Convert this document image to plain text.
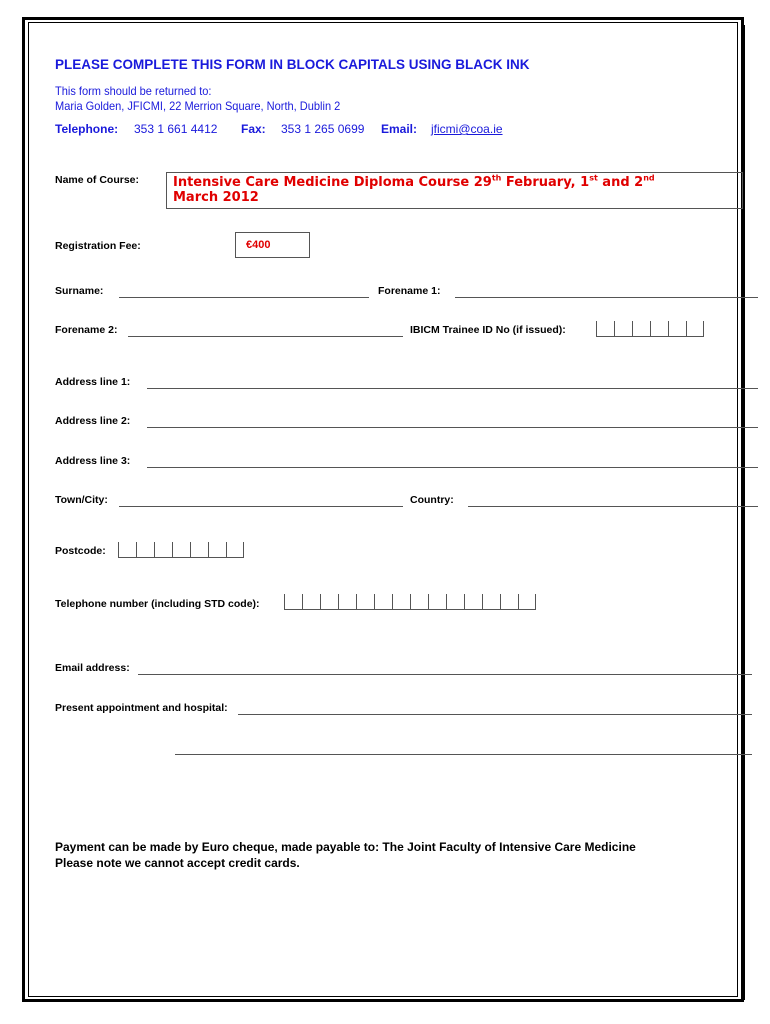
PLEASE COMPLETE THIS FORM IN BLOCK CAPITALS USING BLACK INK
This form should be returned to:
Maria Golden, JFICMI, 22 Merrion Square, North, Dublin 2
Telephone: 353 1 661 4412 Fax: 353 1 265 0699 Email: jficmi@coa.ie
Name of Course:	Intensive Care Medicine Diploma Course 29th February, 1st and 2nd
March 2012
Registration Fee:	€400
Surname:	Forename 1:
Forename 2:	IBICM Trainee ID No (if issued):
Address line 1:
Address line 2:
Address line 3:
Town/City:	Country:
Postcode:
Telephone number (including STD code):
Email address:
Present appointment and hospital:
Payment can be made by Euro cheque, made payable to: The Joint Faculty of Intensive Care Medicine
Please note we cannot accept credit cards.
